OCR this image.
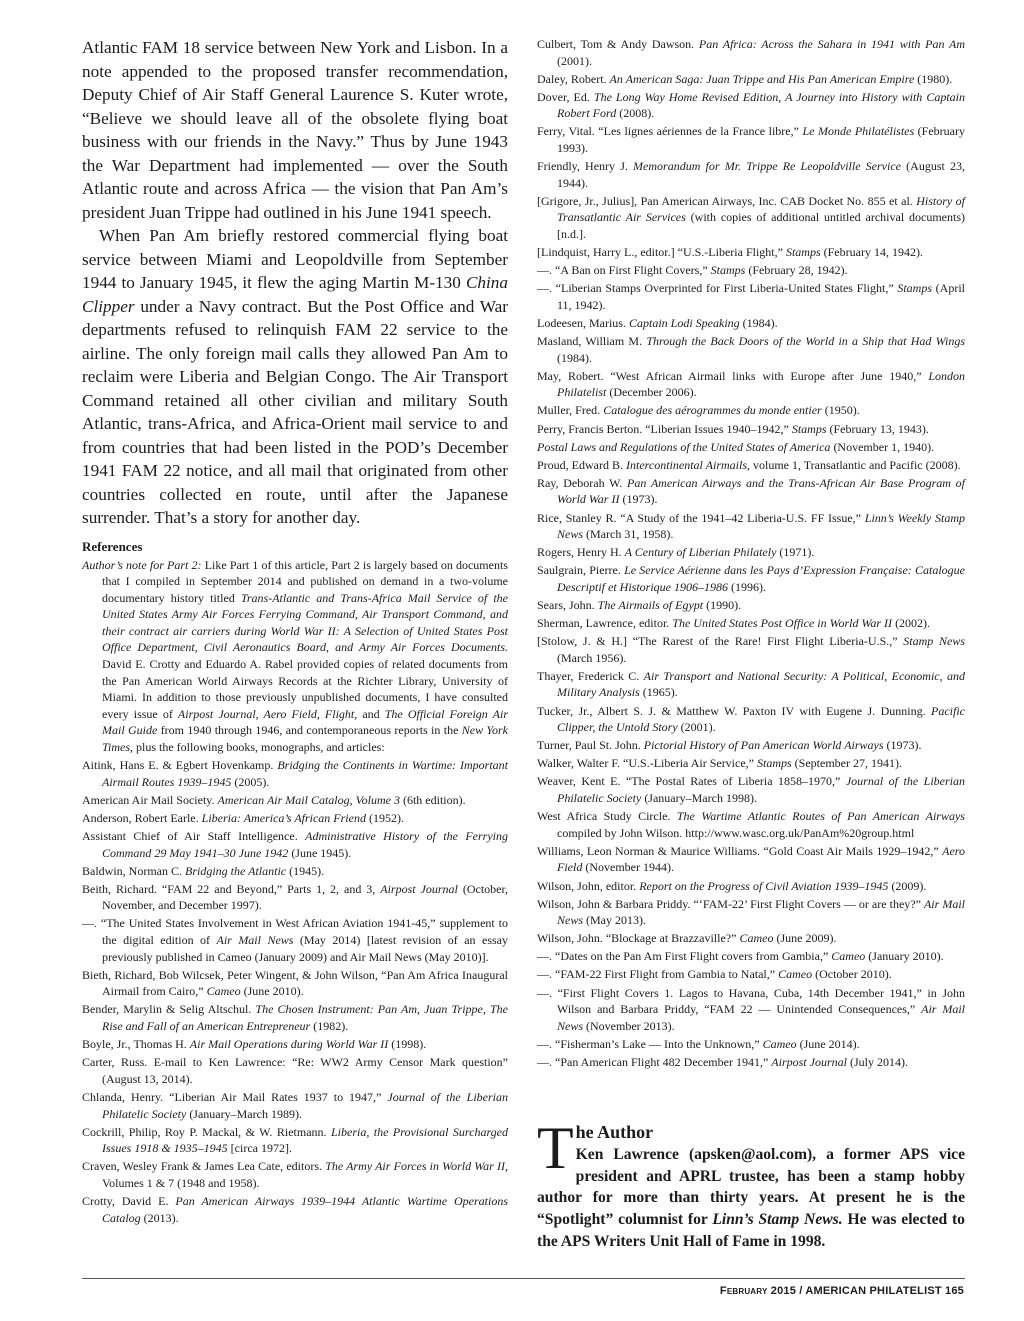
Atlantic FAM 18 service between New York and Lisbon. In a note appended to the proposed transfer recommendation, Deputy Chief of Air Staff General Laurence S. Kuter wrote, “Believe we should leave all of the obsolete flying boat business with our friends in the Navy.” Thus by June 1943 the War Department had implemented — over the South Atlantic route and across Africa — the vision that Pan Am’s president Juan Trippe had outlined in his June 1941 speech.

When Pan Am briefly restored commercial flying boat service between Miami and Leopoldville from September 1944 to January 1945, it flew the aging Martin M-130 China Clipper under a Navy contract. But the Post Office and War departments refused to relinquish FAM 22 service to the airline. The only foreign mail calls they allowed Pan Am to reclaim were Liberia and Belgian Congo. The Air Transport Command retained all other civilian and military South Atlantic, trans-Africa, and Africa-Orient mail service to and from countries that had been listed in the POD’s December 1941 FAM 22 notice, and all mail that originated from other countries collected en route, until after the Japanese surrender. That’s a story for another day.

References
Author’s note for Part 2: Like Part 1 of this article, Part 2 is largely based on documents that I compiled in September 2014 and published on demand in a two-volume documentary history titled Trans-Atlantic and Trans-Africa Mail Service of the United States Army Air Forces Ferrying Command, Air Transport Command, and their contract air carriers during World War II: A Selection of United States Post Office Department, Civil Aeronautics Board, and Army Air Forces Documents. David E. Crotty and Eduardo A. Rabel provided copies of related documents from the Pan American World Airways Records at the Richter Library, University of Miami. In addition to those previously unpublished documents, I have consulted every issue of Airpost Journal, Aero Field, Flight, and The Official Foreign Air Mail Guide from 1940 through 1946, and contemporaneous reports in the New York Times, plus the following books, monographs, and articles:
Aitink, Hans E. & Egbert Hovenkamp. Bridging the Continents in Wartime: Important Airmail Routes 1939–1945 (2005).
American Air Mail Society. American Air Mail Catalog, Volume 3 (6th edition).
Anderson, Robert Earle. Liberia: America’s African Friend (1952).
Assistant Chief of Air Staff Intelligence. Administrative History of the Ferrying Command 29 May 1941–30 June 1942 (June 1945).
Baldwin, Norman C. Bridging the Atlantic (1945).
Beith, Richard. “FAM 22 and Beyond,” Parts 1, 2, and 3, Airpost Journal (October, November, and December 1997).
—. “The United States Involvement in West African Aviation 1941-45,” supplement to the digital edition of Air Mail News (May 2014) [latest revision of an essay previously published in Cameo (January 2009) and Air Mail News (May 2010)].
Bieth, Richard, Bob Wilcsek, Peter Wingent, & John Wilson, “Pan Am Africa Inaugural Airmail from Cairo,” Cameo (June 2010).
Bender, Marylin & Selig Altschul. The Chosen Instrument: Pan Am, Juan Trippe, The Rise and Fall of an American Entrepreneur (1982).
Boyle, Jr., Thomas H. Air Mail Operations during World War II (1998).
Carter, Russ. E-mail to Ken Lawrence: “Re: WW2 Army Censor Mark question” (August 13, 2014).
Chlanda, Henry. “Liberian Air Mail Rates 1937 to 1947,” Journal of the Liberian Philatelic Society (January–March 1989).
Cockrill, Philip, Roy P. Mackal, & W. Rietmann. Liberia, the Provisional Surcharged Issues 1918 & 1935–1945 [circa 1972].
Craven, Wesley Frank & James Lea Cate, editors. The Army Air Forces in World War II, Volumes 1 & 7 (1948 and 1958).
Crotty, David E. Pan American Airways 1939–1944 Atlantic Wartime Operations Catalog (2013).
Culbert, Tom & Andy Dawson. Pan Africa: Across the Sahara in 1941 with Pan Am (2001).
Daley, Robert. An American Saga: Juan Trippe and His Pan American Empire (1980).
Dover, Ed. The Long Way Home Revised Edition, A Journey into History with Captain Robert Ford (2008).
Ferry, Vital. “Les lignes aériennes de la France libre,” Le Monde Philatélistes (February 1993).
Friendly, Henry J. Memorandum for Mr. Trippe Re Leopoldville Service (August 23, 1944).
[Grigore, Jr., Julius], Pan American Airways, Inc. CAB Docket No. 855 et al. History of Transatlantic Air Services (with copies of additional untitled archival documents) [n.d.].
[Lindquist, Harry L., editor.] “U.S.-Liberia Flight,” Stamps (February 14, 1942).
—. “A Ban on First Flight Covers,” Stamps (February 28, 1942).
—. “Liberian Stamps Overprinted for First Liberia-United States Flight,” Stamps (April 11, 1942).
Lodeesen, Marius. Captain Lodi Speaking (1984).
Masland, William M. Through the Back Doors of the World in a Ship that Had Wings (1984).
May, Robert. “West African Airmail links with Europe after June 1940,” London Philatelist (December 2006).
Muller, Fred. Catalogue des aérogrammes du monde entier (1950).
Perry, Francis Berton. “Liberian Issues 1940–1942,” Stamps (February 13, 1943).
Postal Laws and Regulations of the United States of America (November 1, 1940).
Proud, Edward B. Intercontinental Airmails, volume 1, Transatlantic and Pacific (2008).
Ray, Deborah W. Pan American Airways and the Trans-African Air Base Program of World War II (1973).
Rice, Stanley R. “A Study of the 1941–42 Liberia-U.S. FF Issue,” Linn’s Weekly Stamp News (March 31, 1958).
Rogers, Henry H. A Century of Liberian Philately (1971).
Saulgrain, Pierre. Le Service Aérienne dans les Pays d’Expression Française: Catalogue Descriptif et Historique 1906–1986 (1996).
Sears, John. The Airmails of Egypt (1990).
Sherman, Lawrence, editor. The United States Post Office in World War II (2002).
[Stolow, J. & H.] “The Rarest of the Rare! First Flight Liberia-U.S.,” Stamp News (March 1956).
Thayer, Frederick C. Air Transport and National Security: A Political, Economic, and Military Analysis (1965).
Tucker, Jr., Albert S. J. & Matthew W. Paxton IV with Eugene J. Dunning. Pacific Clipper, the Untold Story (2001).
Turner, Paul St. John. Pictorial History of Pan American World Airways (1973).
Walker, Walter F. “U.S.-Liberia Air Service,” Stamps (September 27, 1941).
Weaver, Kent E. “The Postal Rates of Liberia 1858–1970,” Journal of the Liberian Philatelic Society (January–March 1998).
West Africa Study Circle. The Wartime Atlantic Routes of Pan American Airways compiled by John Wilson. http://www.wasc.org.uk/PanAm%20group.html
Williams, Leon Norman & Maurice Williams. “Gold Coast Air Mails 1929–1942,” Aero Field (November 1944).
Wilson, John, editor. Report on the Progress of Civil Aviation 1939–1945 (2009).
Wilson, John & Barbara Priddy. “‘FAM-22’ First Flight Covers — or are they?” Air Mail News (May 2013).
Wilson, John. “Blockage at Brazzaville?” Cameo (June 2009).
—. “Dates on the Pan Am First Flight covers from Gambia,” Cameo (January 2010).
—. “FAM-22 First Flight from Gambia to Natal,” Cameo (October 2010).
—. “First Flight Covers 1. Lagos to Havana, Cuba, 14th December 1941,” in John Wilson and Barbara Priddy, “FAM 22 — Unintended Consequences,” Air Mail News (November 2013).
—. “Fisherman’s Lake — Into the Unknown,” Cameo (June 2014).
—. “Pan American Flight 482 December 1941,” Airpost Journal (July 2014).
T he Author
Ken Lawrence (apsken@aol.com), a former APS vice president and APRL trustee, has been a stamp hobby author for more than thirty years. At present he is the “Spotlight” columnist for Linn’s Stamp News. He was elected to the APS Writers Unit Hall of Fame in 1998.
February 2015 / AMERICAN PHILATELIST 165
